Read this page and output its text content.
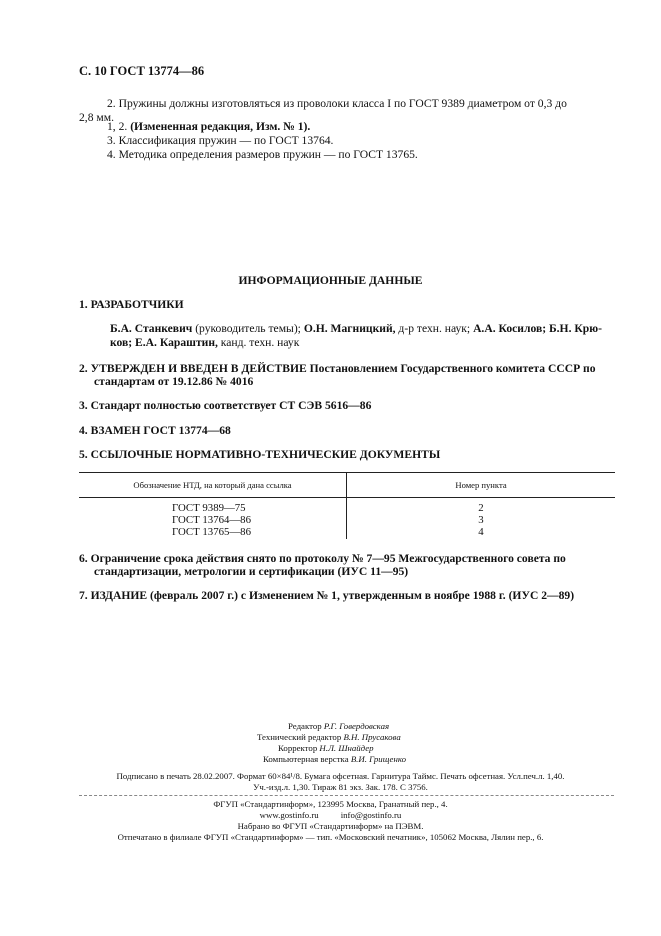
С. 10 ГОСТ 13774—86
2. Пружины должны изготовляться из проволоки класса I по ГОСТ 9389 диаметром от 0,3 до
2,8 мм.
1, 2. (Измененная редакция, Изм. № 1).
3. Классификация пружин — по ГОСТ 13764.
4. Методика определения размеров пружин — по ГОСТ 13765.
ИНФОРМАЦИОННЫЕ ДАННЫЕ
1. РАЗРАБОТЧИКИ
Б.А. Станкевич (руководитель темы); О.Н. Магницкий, д-р техн. наук; А.А. Косилов; Б.Н. Крю-
ков; Е.А. Караштин, канд. техн. наук
2. УТВЕРЖДЕН И ВВЕДЕН В ДЕЙСТВИЕ Постановлением Государственного комитета СССР по
стандартам от 19.12.86 № 4016
3. Стандарт полностью соответствует СТ СЭВ 5616—86
4. ВЗАМЕН ГОСТ 13774—68
5. ССЫЛОЧНЫЕ НОРМАТИВНО-ТЕХНИЧЕСКИЕ ДОКУМЕНТЫ
Обозначение НТД, на который дана ссылка	Номер пункта
ГОСТ 9389—75
ГОСТ 13764—86
ГОСТ 13765—86
2
3
4
6. Ограничение срока действия снято по протоколу № 7—95 Межгосударственного совета по
стандартизации, метрологии и сертификации (ИУС 11—95)
7. ИЗДАНИЕ (февраль 2007 г.) с Изменением № 1, утвержденным в ноябре 1988 г. (ИУС 2—89)
Редактор Р.Г. Говердовская
Технический редактор В.Н. Прусакова
Корректор Н.Л. Шнайдер
Компьютерная верстка В.И. Грищенко
Подписано в печать 28.02.2007. Формат 60×84¹/8. Бумага офсетная. Гарнитура Таймс. Печать офсетная. Усл.печ.л. 1,40.
Уч.-изд.л. 1,30. Тираж 81 экз. Зак. 178. С 3756.
ФГУП «Стандартинформ», 123995 Москва, Гранатный пер., 4.
www.gostinfo.ru          info@gostinfo.ru
Набрано во ФГУП «Стандартинформ» на ПЭВМ.
Отпечатано в филиале ФГУП «Стандартинформ» — тип. «Московский печатник», 105062 Москва, Лялин пер., 6.
